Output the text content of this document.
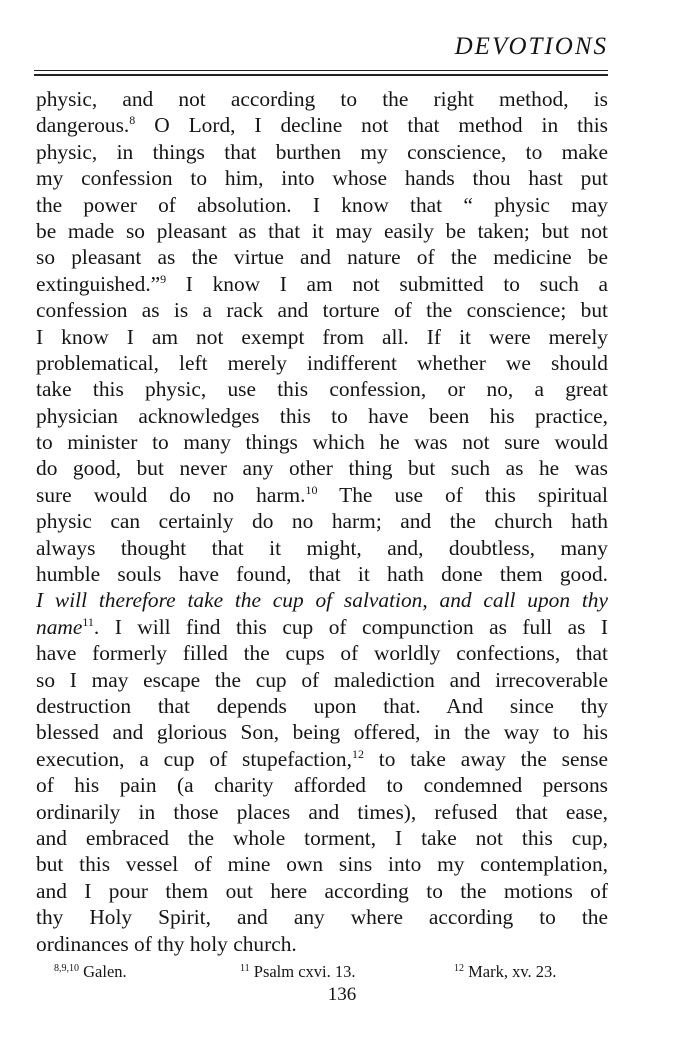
DEVOTIONS
physic, and not according to the right method, is
dangerous.$^8$ O Lord, I decline not that method in this
physic, in things that burthen my conscience, to make
my confession to him, into whose hands thou hast put
the power of absolution. I know that “ physic may
be made so pleasant as that it may easily be taken; but not
so pleasant as the virtue and nature of the medicine be
extinguished.”$^9$ I know I am not submitted to such a
confession as is a rack and torture of the conscience; but
I know I am not exempt from all. If it were merely
problematical, left merely indifferent whether we should
take this physic, use this confession, or no, a great
physician acknowledges this to have been his practice,
to minister to many things which he was not sure would
do good, but never any other thing but such as he was
sure would do no harm.$^{10}$ The use of this spiritual
physic can certainly do no harm; and the church hath
always thought that it might, and, doubtless, many
humble souls have found, that it hath done them good.
I will therefore take the cup of salvation, and call upon thy
name$^{11}$. I will find this cup of compunction as full as I
have formerly filled the cups of worldly confections, that
so I may escape the cup of malediction and irrecoverable
destruction that depends upon that. And since thy
blessed and glorious Son, being offered, in the way to his
execution, a cup of stupefaction,$^{12}$ to take away the sense
of his pain (a charity afforded to condemned persons
ordinarily in those places and times), refused that ease,
and embraced the whole torment, I take not this cup,
but this vessel of mine own sins into my contemplation,
and I pour them out here according to the motions of
thy Holy Spirit, and any where according to the
ordinances of thy holy church.
$^{8,9,10}$ Galen.	$^{11}$ Psalm cxvi. 13.	$^{12}$ Mark, xv. 23.
136
